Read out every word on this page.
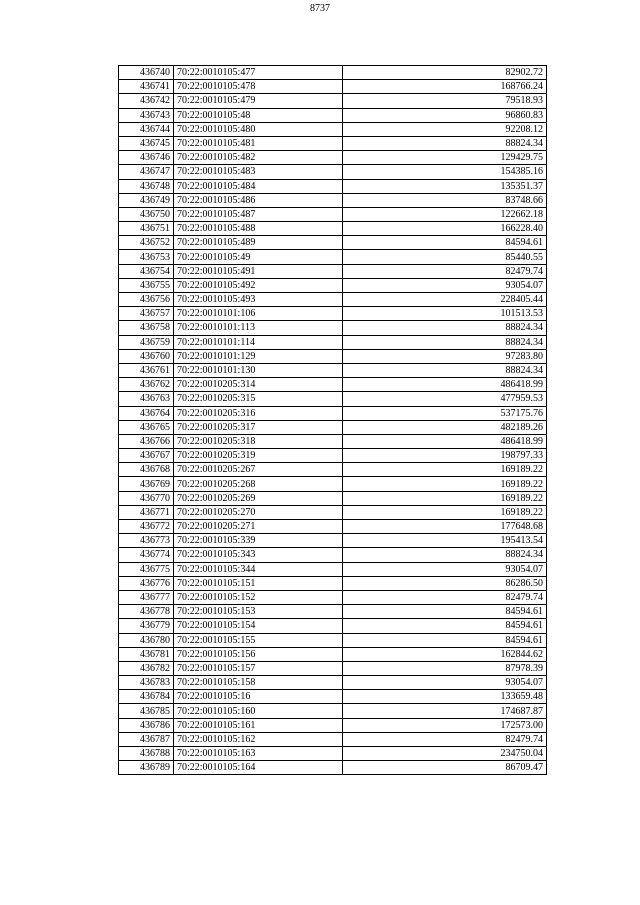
8737
436740	70:22:0010105:477	82902.72
436741	70:22:0010105:478	168766.24
436742	70:22:0010105:479	79518.93
436743	70:22:0010105:48	96860.83
436744	70:22:0010105:480	92208.12
436745	70:22:0010105:481	88824.34
436746	70:22:0010105:482	129429.75
436747	70:22:0010105:483	154385.16
436748	70:22:0010105:484	135351.37
436749	70:22:0010105:486	83748.66
436750	70:22:0010105:487	122662.18
436751	70:22:0010105:488	166228.40
436752	70:22:0010105:489	84594.61
436753	70:22:0010105:49	85440.55
436754	70:22:0010105:491	82479.74
436755	70:22:0010105:492	93054.07
436756	70:22:0010105:493	228405.44
436757	70:22:0010101:106	101513.53
436758	70:22:0010101:113	88824.34
436759	70:22:0010101:114	88824.34
436760	70:22:0010101:129	97283.80
436761	70:22:0010101:130	88824.34
436762	70:22:0010205:314	486418.99
436763	70:22:0010205:315	477959.53
436764	70:22:0010205:316	537175.76
436765	70:22:0010205:317	482189.26
436766	70:22:0010205:318	486418.99
436767	70:22:0010205:319	198797.33
436768	70:22:0010205:267	169189.22
436769	70:22:0010205:268	169189.22
436770	70:22:0010205:269	169189.22
436771	70:22:0010205:270	169189.22
436772	70:22:0010205:271	177648.68
436773	70:22:0010105:339	195413.54
436774	70:22:0010105:343	88824.34
436775	70:22:0010105:344	93054.07
436776	70:22:0010105:151	86286.50
436777	70:22:0010105:152	82479.74
436778	70:22:0010105:153	84594.61
436779	70:22:0010105:154	84594.61
436780	70:22:0010105:155	84594.61
436781	70:22:0010105:156	162844.62
436782	70:22:0010105:157	87978.39
436783	70:22:0010105:158	93054.07
436784	70:22:0010105:16	133659.48
436785	70:22:0010105:160	174687.87
436786	70:22:0010105:161	172573.00
436787	70:22:0010105:162	82479.74
436788	70:22:0010105:163	234750.04
436789	70:22:0010105:164	86709.47
